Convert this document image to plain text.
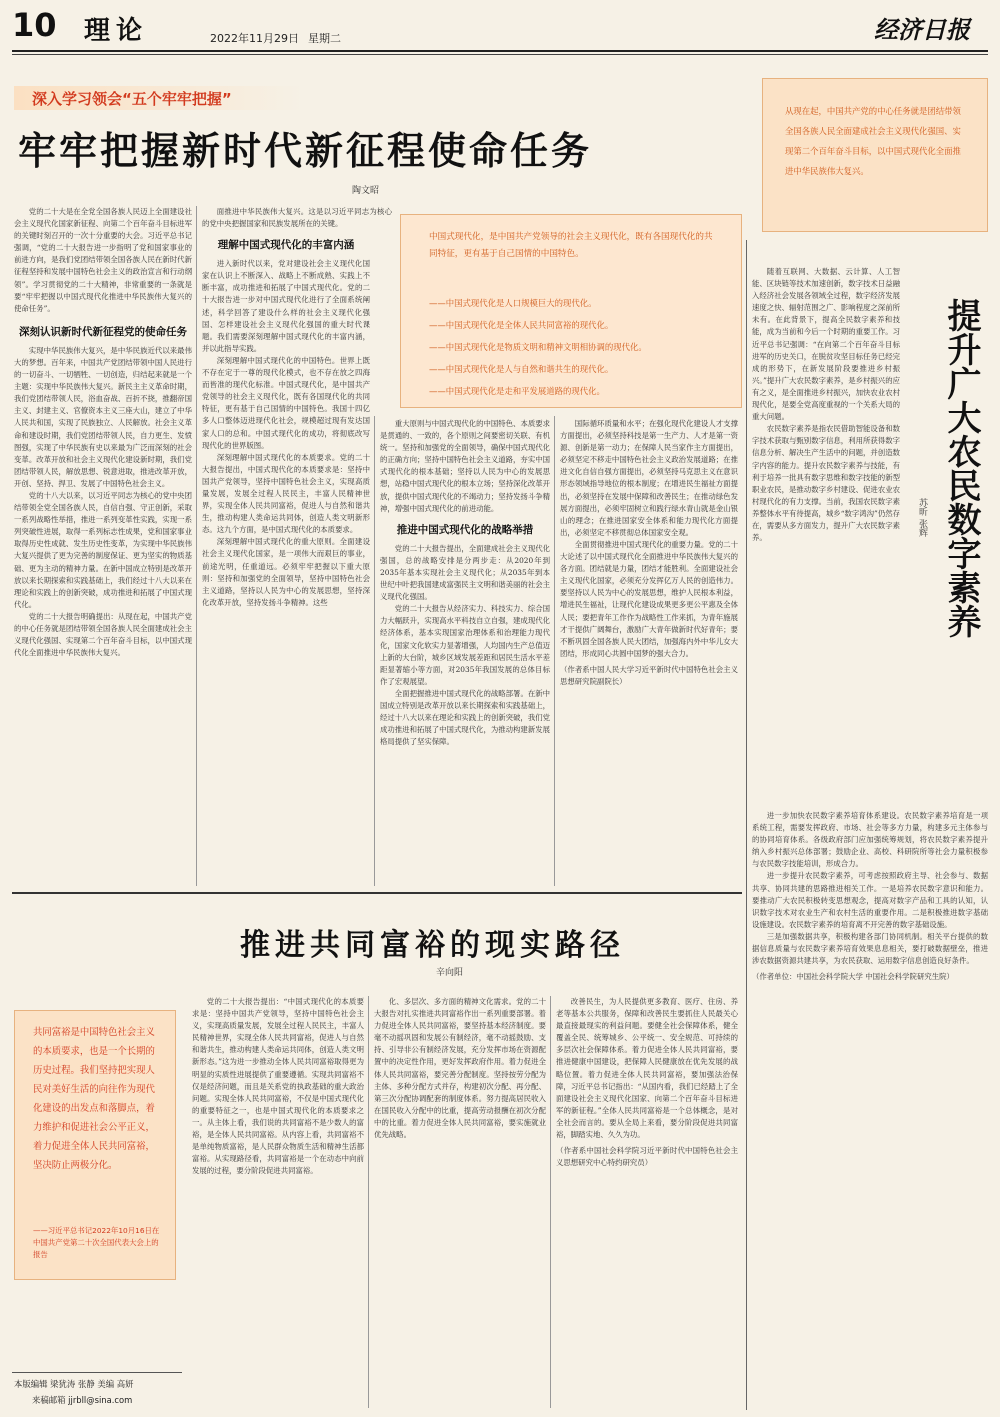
10 理论	2022年11月29日 星期二	经济日报
深入学习领会“五个牢牢把握”
牢牢把握新时代新征程使命任务
陶文昭
从现在起，中国共产党的中心任务就是团结带领全国各族人民全面建成社会主义现代化强国、实现第二个百年奋斗目标，以中国式现代化全面推进中华民族伟大复兴。
中国式现代化，是中国共产党领导的社会主义现代化，既有各国现代化的共同特征，更有基于自己国情的中国特色。
——中国式现代化是人口规模巨大的现代化。
——中国式现代化是全体人民共同富裕的现代化。
——中国式现代化是物质文明和精神文明相协调的现代化。
——中国式现代化是人与自然和谐共生的现代化。
——中国式现代化是走和平发展道路的现代化。

党的二十大是在全党全国各族人民迈上全面建设社会主义现代化国家新征程、向第二个百年奋斗目标进军的关键时刻召开的一次十分重要的大会。习近平总书记强调，“党的二十大报告进一步指明了党和国家事业的前进方向，是我们党团结带领全国各族人民在新时代新征程坚持和发展中国特色社会主义的政治宣言和行动纲领”。学习贯彻党的二十大精神，非常重要的一条就是要“牢牢把握以中国式现代化推进中华民族伟大复兴的使命任务”。

深刻认识新时代新征程党的使命任务

实现中华民族伟大复兴，是中华民族近代以来最伟大的梦想。百年来，中国共产党团结带领中国人民进行的一切奋斗、一切牺牲、一切创造，归结起来就是一个主题：实现中华民族伟大复兴。新民主主义革命时期，我们党团结带领人民，浴血奋战、百折不挠，推翻帝国主义、封建主义、官僚资本主义三座大山，建立了中华人民共和国，实现了民族独立、人民解放。社会主义革命和建设时期，我们党团结带领人民，自力更生、发愤图强，实现了中华民族有史以来最为广泛而深刻的社会变革。改革开放和社会主义现代化建设新时期，我们党团结带领人民，解放思想、锐意进取，推进改革开放，开创、坚持、捍卫、发展了中国特色社会主义。

党的十八大以来，以习近平同志为核心的党中央团结带领全党全国各族人民，自信自强、守正创新，采取一系列战略性举措，推进一系列变革性实践，实现一系列突破性进展，取得一系列标志性成果，党和国家事业取得历史性成就、发生历史性变革，为实现中华民族伟大复兴提供了更为完善的制度保证、更为坚实的物质基础、更为主动的精神力量。在新中国成立特别是改革开放以来长期探索和实践基础上，我们经过十八大以来在理论和实践上的创新突破，成功推进和拓展了中国式现代化。

党的二十大报告明确提出：从现在起，中国共产党的中心任务就是团结带领全国各族人民全面建成社会主义现代化强国、实现第二个百年奋斗目标，以中国式现代化全面推进中华民族伟大复兴。

面推进中华民族伟大复兴。这是以习近平同志为核心的党中央把握国家和民族发展所在的关键。

理解中国式现代化的丰富内涵

进入新时代以来，党对建设社会主义现代化国家在认识上不断深入、战略上不断成熟、实践上不断丰富，成功推进和拓展了中国式现代化。党的二十大报告进一步对中国式现代化进行了全面系统阐述，科学回答了建设什么样的社会主义现代化强国、怎样建设社会主义现代化强国的重大时代课题。我们需要深刻理解中国式现代化的丰富内涵，并以此指导实践。

深刻理解中国式现代化的中国特色。世界上既不存在定于一尊的现代化模式，也不存在放之四海而皆准的现代化标准。中国式现代化，是中国共产党领导的社会主义现代化，既有各国现代化的共同特征，更有基于自己国情的中国特色。我国十四亿多人口整体迈进现代化社会，规模超过现有发达国家人口的总和。中国式现代化的成功，将彻底改写现代化的世界版图。

深刻理解中国式现代化的本质要求。党的二十大报告提出，中国式现代化的本质要求是：坚持中国共产党领导，坚持中国特色社会主义，实现高质量发展，发展全过程人民民主，丰富人民精神世界，实现全体人民共同富裕，促进人与自然和谐共生，推动构建人类命运共同体，创造人类文明新形态。这九个方面，是中国式现代化的本质要求。

深刻理解中国式现代化的重大原则。全面建设社会主义现代化国家，是一项伟大而艰巨的事业，前途光明，任重道远。必须牢牢把握以下重大原则：坚持和加强党的全面领导，坚持中国特色社会主义道路，坚持以人民为中心的发展思想，坚持深化改革开放，坚持发扬斗争精神。这些

重大原则与中国式现代化的中国特色、本质要求是贯通的、一致的，各个原则之间要密切关联、有机统一。坚持和加强党的全面领导，确保中国式现代化的正确方向；坚持中国特色社会主义道路，夯实中国式现代化的根本基础；坚持以人民为中心的发展思想，站稳中国式现代化的根本立场；坚持深化改革开放，提供中国式现代化的不竭动力；坚持发扬斗争精神，增强中国式现代化的前进动能。

推进中国式现代化的战略举措

党的二十大报告提出，全面建成社会主义现代化强国，总的战略安排是分两步走：从2020年到2035年基本实现社会主义现代化；从2035年到本世纪中叶把我国建成富强民主文明和谐美丽的社会主义现代化强国。

党的二十大报告从经济实力、科技实力、综合国力大幅跃升，实现高水平科技自立自强，建成现代化经济体系，基本实现国家治理体系和治理能力现代化，国家文化软实力显著增强，人均国内生产总值迈上新的大台阶，城乡区域发展差距和居民生活水平差距显著缩小等方面，对2035年我国发展的总体目标作了宏观展望。

全面把握推进中国式现代化的战略部署。在新中国成立特别是改革开放以来长期探索和实践基础上，经过十八大以来在理论和实践上的创新突破，我们党成功推进和拓展了中国式现代化，为推动构建新发展格局提供了坚实保障。

国际循环质量和水平；在强化现代化建设人才支撑方面提出，必须坚持科技是第一生产力、人才是第一资源、创新是第一动力；在保障人民当家作主方面提出，必须坚定不移走中国特色社会主义政治发展道路；在推进文化自信自强方面提出，必须坚持马克思主义在意识形态领域指导地位的根本制度；在增进民生福祉方面提出，必须坚持在发展中保障和改善民生；在推动绿色发展方面提出，必须牢固树立和践行绿水青山就是金山银山的理念；在推进国家安全体系和能力现代化方面提出，必须坚定不移贯彻总体国家安全观。

全面贯彻推进中国式现代化的重要力量。党的二十大论述了以中国式现代化全面推进中华民族伟大复兴的各方面。团结就是力量，团结才能胜利。全面建设社会主义现代化国家，必须充分发挥亿万人民的创造伟力。要坚持以人民为中心的发展思想，维护人民根本利益，增进民生福祉，让现代化建设成果更多更公平惠及全体人民；要把青年工作作为战略性工作来抓，为青年施展才干提供广阔舞台，激励广大青年做新时代好青年；要不断巩固全国各族人民大团结，加强海内外中华儿女大团结，形成同心共圆中国梦的强大合力。

（作者系中国人民大学习近平新时代中国特色社会主义思想研究院副院长）

提升广大农民数字素养
苏昕 张辉

随着互联网、大数据、云计算、人工智能、区块链等技术加速创新，数字技术日益融入经济社会发展各领域全过程，数字经济发展速度之快、辐射范围之广、影响程度之深前所未有。在此背景下，提高全民数字素养和技能，成为当前和今后一个时期的重要工作。习近平总书记强调：“在向第二个百年奋斗目标进军的历史关口，在脱贫攻坚目标任务已经完成的形势下，在新发展阶段要推进乡村振兴。”提升广大农民数字素养，是乡村振兴的应有之义，是全面推进乡村振兴，加快农业农村现代化，是要全党高度重视的一个关系大局的重大问题。

农民数字素养是指农民借助智能设备和数字技术获取与甄别数字信息，利用所获得数字信息分析、解决生产生活中的问题，并创造数字内容的能力。提升农民数字素养与技能，有利于培养一批具有数字思维和数字技能的新型职业农民，是推动数字乡村建设、促进农业农村现代化的有力支撑。当前，我国农民数字素养整体水平有待提高，城乡“数字鸿沟”仍然存在，需要从多方面发力，提升广大农民数字素养。

进一步加快农民数字素养培育体系建设。农民数字素养培育是一项系统工程，需要发挥政府、市场、社会等多方力量，构建多元主体参与的协同培育体系。各级政府部门应加强统筹规划，将农民数字素养提升纳入乡村振兴总体部署；鼓励企业、高校、科研院所等社会力量积极参与农民数字技能培训，形成合力。

进一步提升农民数字素养，可考虑按照政府主导、社会参与、数据共享、协同共建的思路推进相关工作。一是培养农民数字意识和能力。要推动广大农民积极转变思想观念，提高对数字产品和工具的认知，认识数字技术对农业生产和农村生活的重要作用。二是积极推进数字基础设施建设。农民数字素养的培育离不开完善的数字基础设施。

三是加强数据共享，积极构建各部门协同机制。相关平台提供的数据信息质量与农民数字素养培育效果息息相关，要打破数据壁垒，推进涉农数据资源共建共享，为农民获取、运用数字信息创造良好条件。

（作者单位：中国社会科学院大学 中国社会科学院研究生院）

推进共同富裕的现实路径
辛向阳
共同富裕是中国特色社会主义的本质要求，也是一个长期的历史过程。我们坚持把实现人民对美好生活的向往作为现代化建设的出发点和落脚点，着力维护和促进社会公平正义，着力促进全体人民共同富裕，坚决防止两极分化。
——习近平总书记2022年10月16日在中国共产党第二十次全国代表大会上的报告

党的二十大报告提出：“中国式现代化的本质要求是：坚持中国共产党领导，坚持中国特色社会主义，实现高质量发展，发展全过程人民民主，丰富人民精神世界，实现全体人民共同富裕，促进人与自然和谐共生，推动构建人类命运共同体，创造人类文明新形态。”这为进一步推动全体人民共同富裕取得更为明显的实质性进展提供了重要遵循。实现共同富裕不仅是经济问题，而且是关系党的执政基础的重大政治问题。实现全体人民共同富裕，不仅是中国式现代化的重要特征之一，也是中国式现代化的本质要求之一。从主体上看，我们说的共同富裕不是少数人的富裕，是全体人民共同富裕。从内容上看，共同富裕不是单纯物质富裕，是人民群众物质生活和精神生活都富裕。从实现路径看，共同富裕是一个在动态中向前发展的过程，要分阶段促进共同富裕。

化、多层次、多方面的精神文化需求。党的二十大报告对扎实推进共同富裕作出一系列重要部署。着力促进全体人民共同富裕，要坚持基本经济制度。要毫不动摇巩固和发展公有制经济，毫不动摇鼓励、支持、引导非公有制经济发展，充分发挥市场在资源配置中的决定性作用，更好发挥政府作用。着力促进全体人民共同富裕，要完善分配制度。坚持按劳分配为主体、多种分配方式并存，构建初次分配、再分配、第三次分配协调配套的制度体系。努力提高居民收入在国民收入分配中的比重，提高劳动报酬在初次分配中的比重。着力促进全体人民共同富裕，要实施就业优先战略。

改善民生，为人民提供更多教育、医疗、住房、养老等基本公共服务，保障和改善民生要抓住人民最关心最直接最现实的利益问题。要健全社会保障体系，健全覆盖全民、统筹城乡、公平统一、安全规范、可持续的多层次社会保障体系。着力促进全体人民共同富裕，要推进健康中国建设，把保障人民健康放在优先发展的战略位置。着力促进全体人民共同富裕，要加强法治保障，习近平总书记指出：“从国内看，我们已经踏上了全面建设社会主义现代化国家、向第二个百年奋斗目标进军的新征程。”全体人民共同富裕是一个总体概念，是对全社会而言的。要从全局上来看，要分阶段促进共同富裕，脚踏实地、久久为功。

（作者系中国社会科学院习近平新时代中国特色社会主义思想研究中心特约研究员）

本版编辑 梁犹涛 张静 美编 高妍
来稿邮箱 jjrbll@sina.com
